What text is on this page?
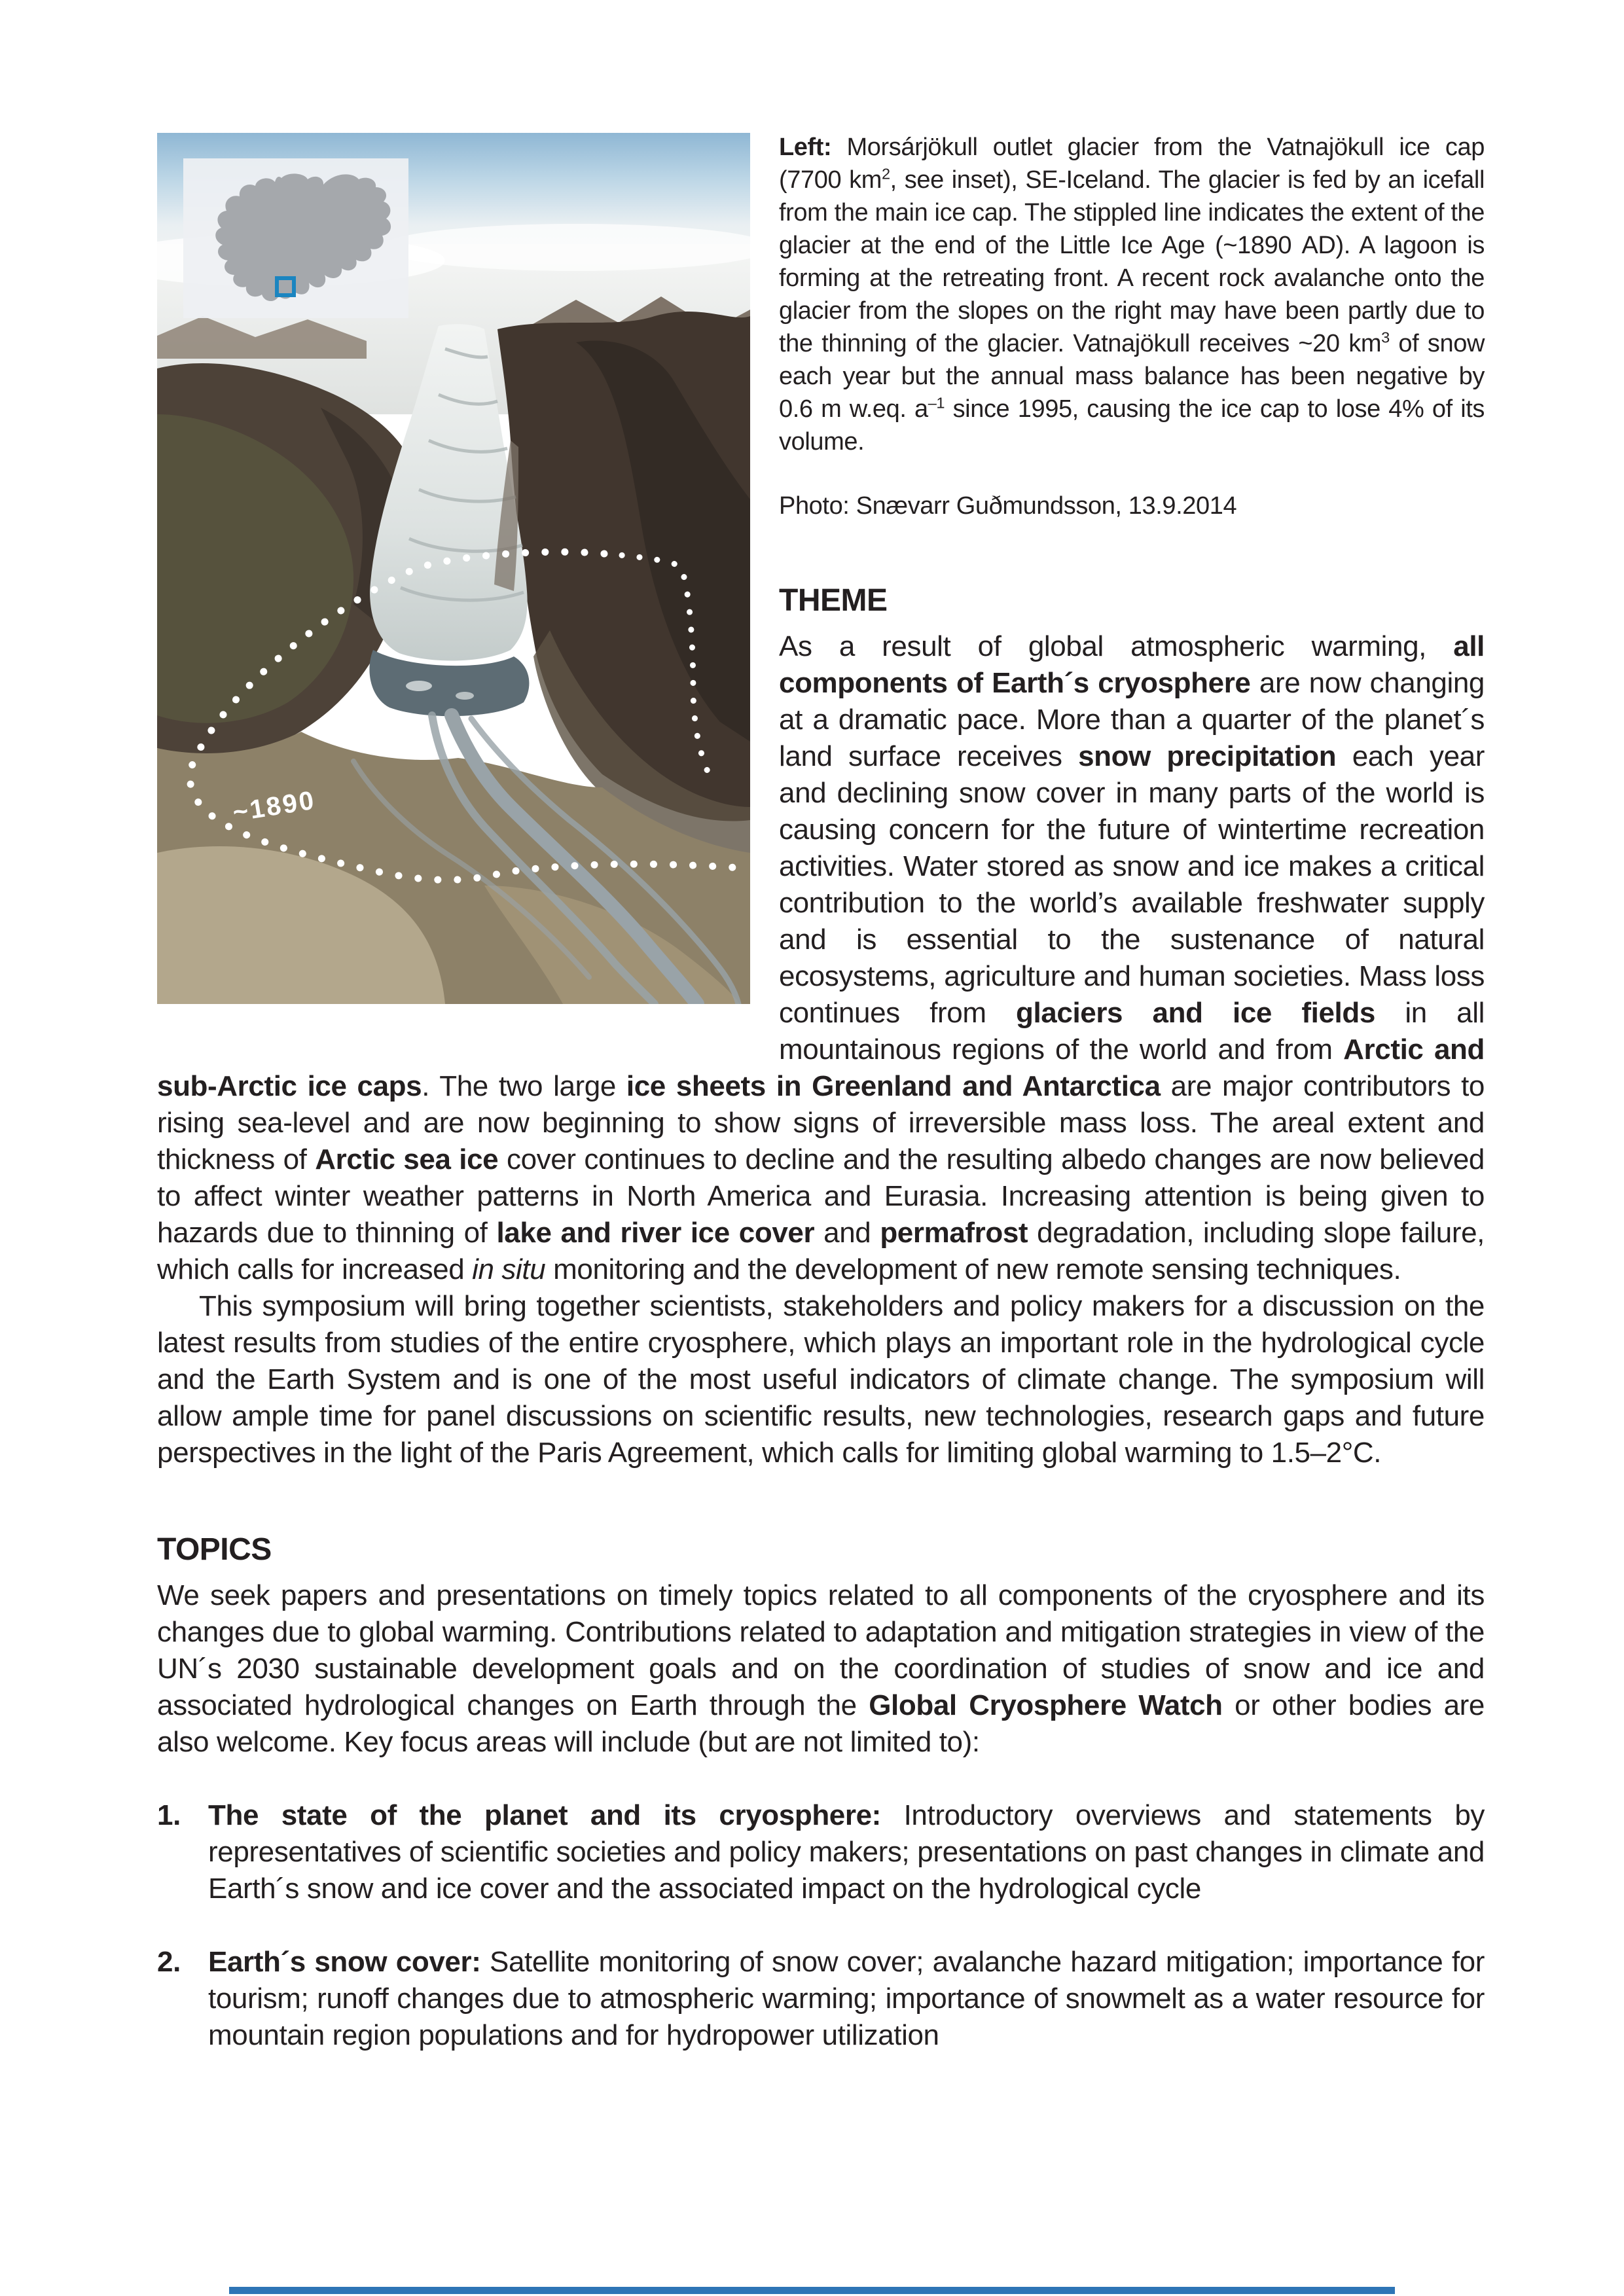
~1890

Left: Morsárjökull outlet glacier from the Vatnajökull ice cap (7700 $km^2$, see inset), SE-Iceland. The glacier is fed by an icefall from the main ice cap. The stippled line indicates the extent of the glacier at the end of the Little Ice Age (~1890 AD). A lagoon is forming at the retreating front. A recent rock avalanche onto the glacier from the slopes on the right may have been partly due to the thinning of the glacier. Vatnajökull receives ~20 $km^3$ of snow each year but the annual mass balance has been negative by 0.6 m w.eq. $a^{-1}$ since 1995, causing the ice cap to lose 4% of its volume.

Photo: Snævarr Guðmundsson, 13.9.2014

THEME

As a result of global atmospheric warming, all components of Earth´s cryosphere are now changing at a dramatic pace. More than a quarter of the planet´s land surface receives snow precipitation each year and declining snow cover in many parts of the world is causing concern for the future of wintertime recreation activities. Water stored as snow and ice makes a critical contribution to the world’s available freshwater supply and is essential to the sustenance of natural ecosystems, agriculture and human societies. Mass loss continues from glaciers and ice fields in all mountainous regions of the world and from Arctic and sub-Arctic ice caps. The two large ice sheets in Greenland and Antarctica are major contributors to rising sea-level and are now beginning to show signs of irreversible mass loss. The areal extent and thickness of Arctic sea ice cover continues to decline and the resulting albedo changes are now believed to affect winter weather patterns in North America and Eurasia. Increasing attention is being given to hazards due to thinning of lake and river ice cover and permafrost degradation, including slope failure, which calls for increased in situ monitoring and the development of new remote sensing techniques.

This symposium will bring together scientists, stakeholders and policy makers for a discussion on the latest results from studies of the entire cryosphere, which plays an important role in the hydrological cycle and the Earth System and is one of the most useful indicators of climate change. The symposium will allow ample time for panel discussions on scientific results, new technologies, research gaps and future perspectives in the light of the Paris Agreement, which calls for limiting global warming to 1.5–2°C.

TOPICS

We seek papers and presentations on timely topics related to all components of the cryosphere and its changes due to global warming. Contributions related to adaptation and mitigation strategies in view of the UN´s 2030 sustainable development goals and on the coordination of studies of snow and ice and associated hydrological changes on Earth through the Global Cryosphere Watch or other bodies are also welcome. Key focus areas will include (but are not limited to):

1. The state of the planet and its cryosphere: Introductory overviews and statements by representatives of scientific societies and policy makers; presentations on past changes in climate and Earth´s snow and ice cover and the associated impact on the hydrological cycle
2. Earth´s snow cover: Satellite monitoring of snow cover; avalanche hazard mitigation; importance for tourism; runoff changes due to atmospheric warming; importance of snowmelt as a water resource for mountain region populations and for hydropower utilization
